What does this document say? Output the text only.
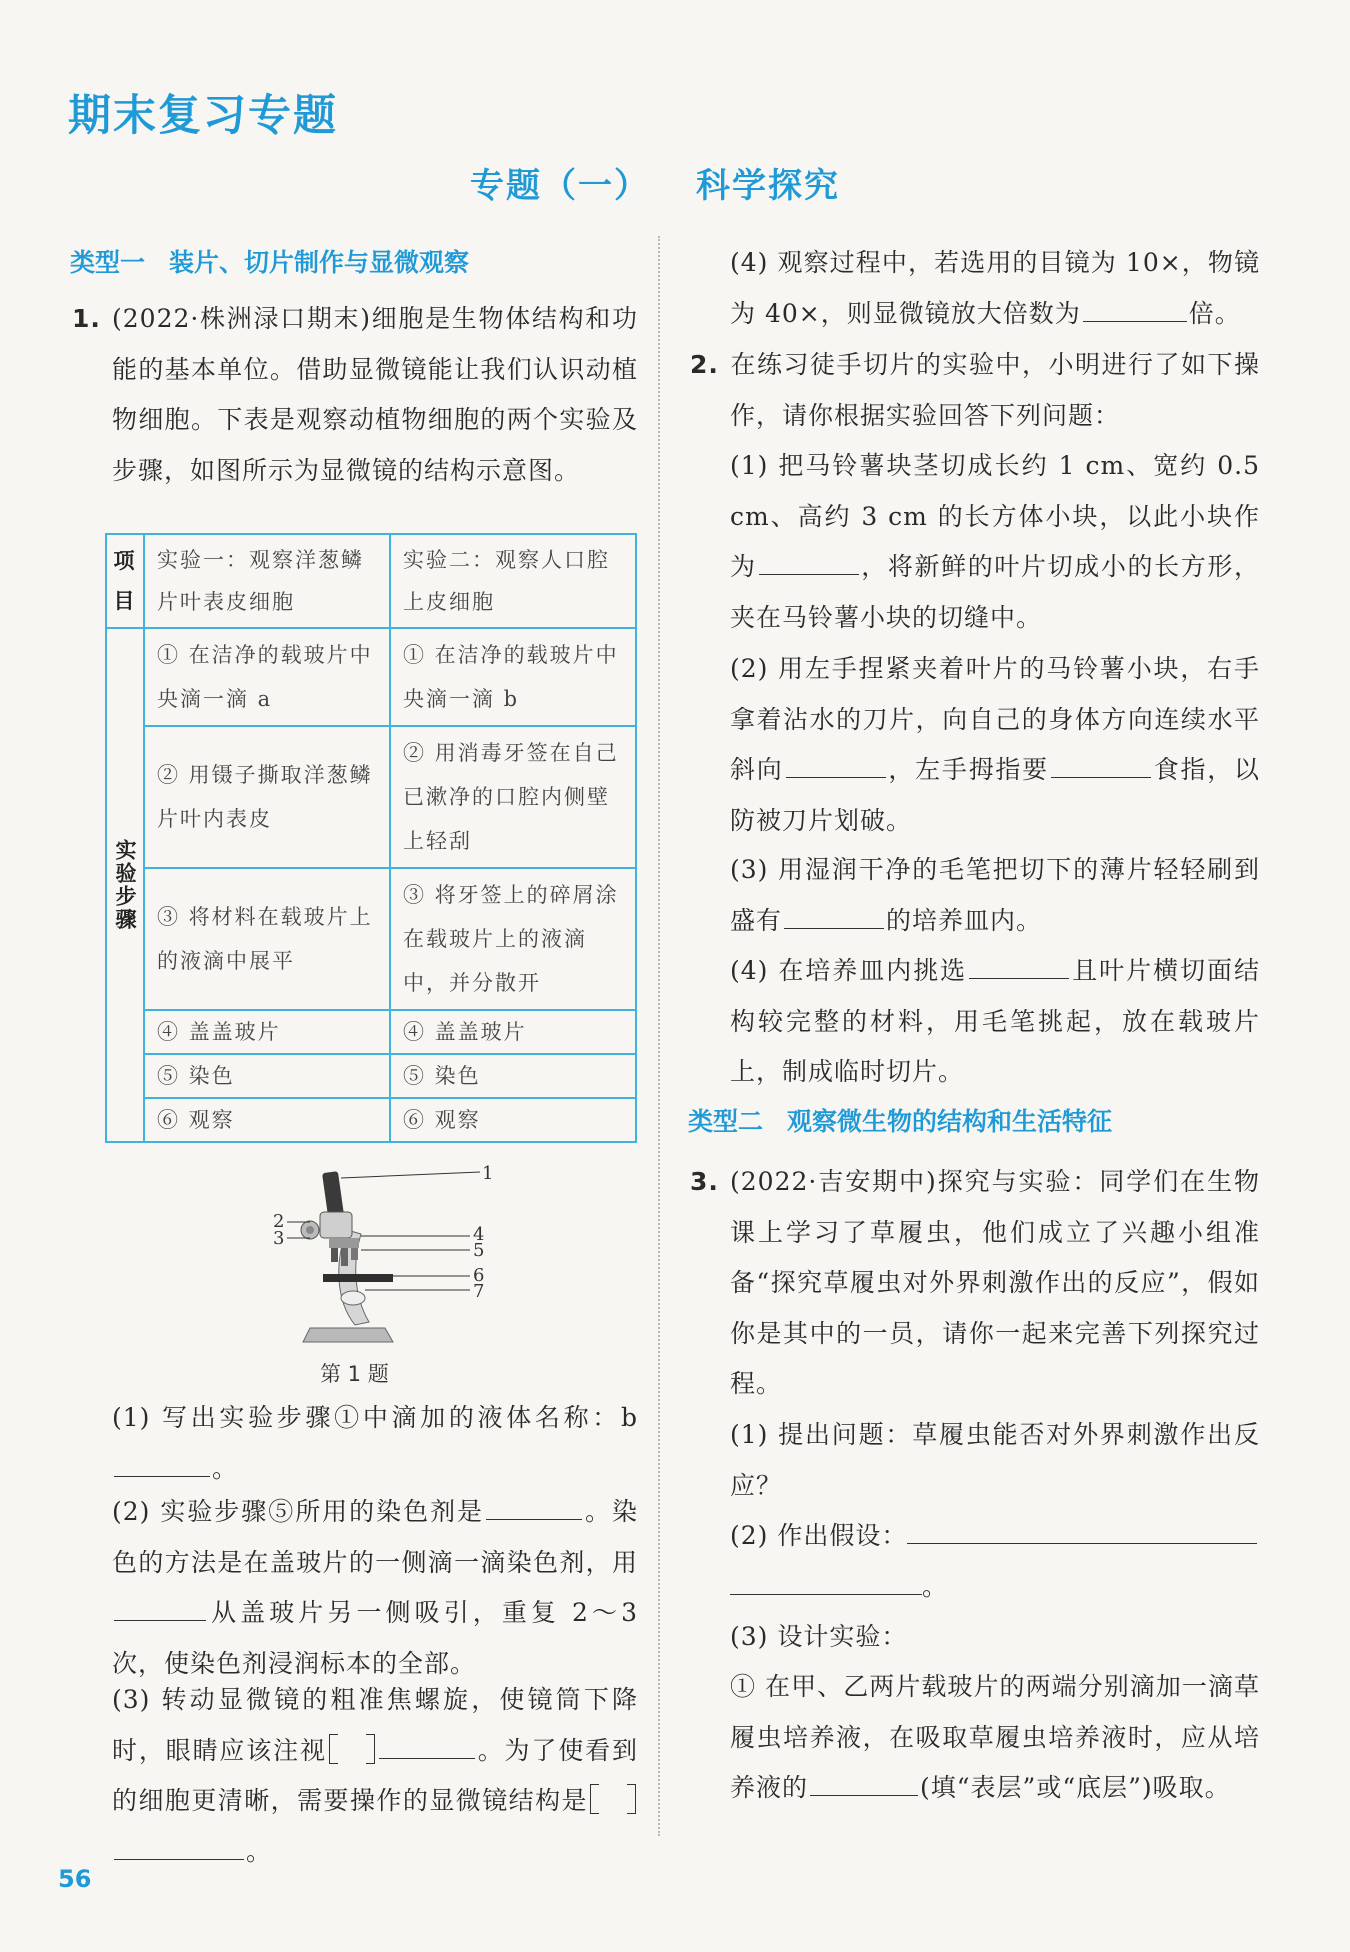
期末复习专题
专题（一） 科学探究
类型一 装片、切片制作与显微观察
1. (2022·株洲渌口期末)细胞是生物体结构和功能的基本单位。借助显微镜能让我们认识动植物细胞。下表是观察动植物细胞的两个实验及步骤，如图所示为显微镜的结构示意图。
项目	实验一：观察洋葱鳞片叶表皮细胞	实验二：观察人口腔上皮细胞
实验步骤	① 在洁净的载玻片中央滴一滴 a	① 在洁净的载玻片中央滴一滴 b
	② 用镊子撕取洋葱鳞片叶内表皮	② 用消毒牙签在自己已漱净的口腔内侧壁上轻刮
	③ 将材料在载玻片上的液滴中展平	③ 将牙签上的碎屑涂在载玻片上的液滴中，并分散开
	④ 盖盖玻片	④ 盖盖玻片
	⑤ 染色	⑤ 染色
	⑥ 观察	⑥ 观察
1
2
3	4
5
6
7
第 1 题
(1) 写出实验步骤①中滴加的液体名称：b。
(2) 实验步骤⑤所用的染色剂是	。染色的方法是在盖玻片的一侧滴一滴染色剂，用从盖玻片另一侧吸引，重复 2～3 次，使染色剂浸润标本的全部。
(3) 转动显微镜的粗准焦螺旋，使镜筒下降时，眼睛应该注视	。为了使看到的细胞更清晰，需要操作的显微镜结构是
。
(4) 观察过程中，若选用的目镜为 10×，物镜为 40×，则显微镜放大倍数为	倍。
2. 在练习徒手切片的实验中，小明进行了如下操作，请你根据实验回答下列问题：
(1) 把马铃薯块茎切成长约 1 cm、宽约 0.5 cm、高约 3 cm 的长方体小块，以此小块作为	，将新鲜的叶片切成小的长方形，夹在马铃薯小块的切缝中。
(2) 用左手捏紧夹着叶片的马铃薯小块，右手拿着沾水的刀片，向自己的身体方向连续水平斜向	，左手拇指要	食指，以防被刀片划破。
(3) 用湿润干净的毛笔把切下的薄片轻轻刷到盛有	的培养皿内。
(4) 在培养皿内挑选	且叶片横切面结构较完整的材料，用毛笔挑起，放在载玻片上，制成临时切片。
类型二 观察微生物的结构和生活特征
3. (2022·吉安期中)探究与实验：同学们在生物课上学习了草履虫，他们成立了兴趣小组准备“探究草履虫对外界刺激作出的反应”，假如你是其中的一员，请你一起来完善下列探究过程。
(1) 提出问题：草履虫能否对外界刺激作出反应？
(2) 作出假设：
。
(3) 设计实验：
① 在甲、乙两片载玻片的两端分别滴加一滴草履虫培养液，在吸取草履虫培养液时，应从培养液的	(填“表层”或“底层”)吸取。
56
